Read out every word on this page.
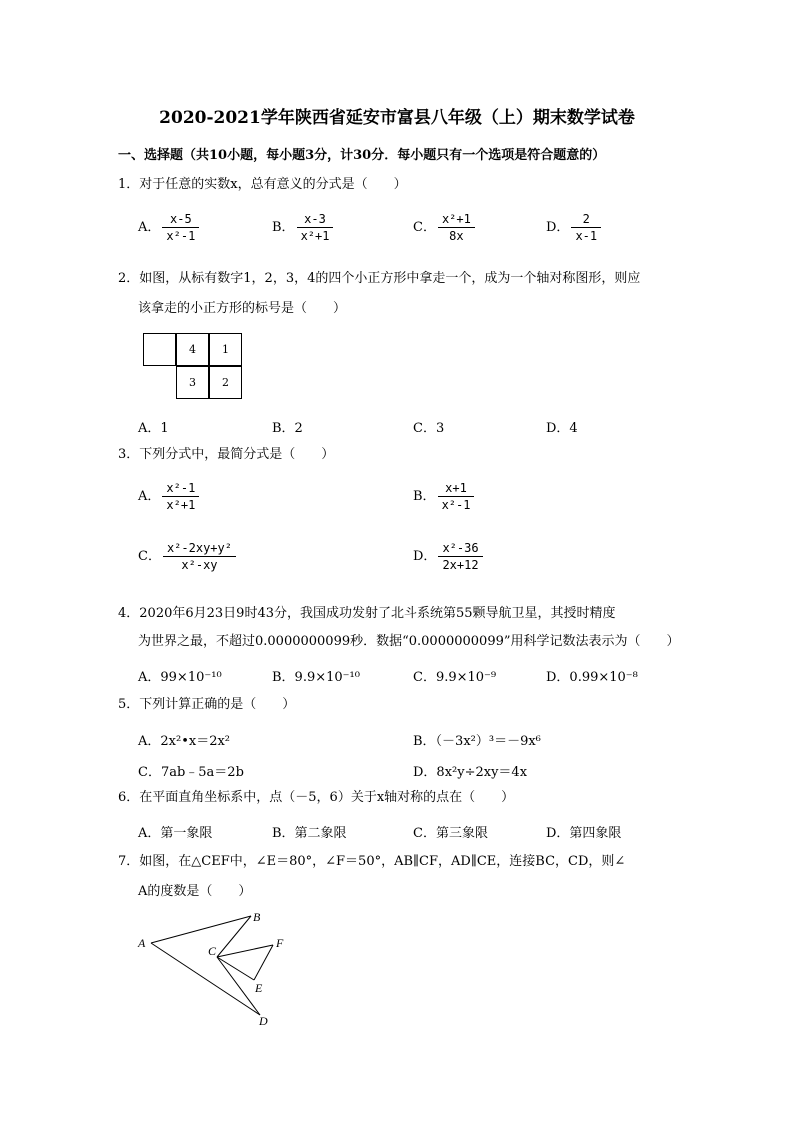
2020-2021学年陕西省延安市富县八年级（上）期末数学试卷
一、选择题（共10小题，每小题3分，计30分．每小题只有一个选项是符合题意的）
1．对于任意的实数x，总有意义的分式是（　　）
A． $\frac{x-5}{\text{x²-1}}$	B． $\frac{x-3}{\text{x²+1}}$	C． $\frac{\text{x²+1}}{8x}$	D． $\frac{2}{x-1}$
2．如图，从标有数字1，2，3，4的四个小正方形中拿走一个，成为一个轴对称图形，则应
该拿走的小正方形的标号是（　　）
4	1
3	2
A．1	B．2	C．3	D．4
3．下列分式中，最简分式是（　　）
A． $\frac{\text{x²-1}}{\text{x²+1}}$	B． $\frac{x+1}{\text{x²-1}}$
C． $\frac{\text{x²-2xy+y²}}{\text{x²-xy}}$	D． $\frac{\text{x²-36}}{2x+12}$
4．2020年6月23日9时43分，我国成功发射了北斗系统第55颗导航卫星，其授时精度
为世界之最，不超过0.0000000099秒．数据“0.0000000099”用科学记数法表示为（　　）
A．99×10⁻¹⁰	B．9.9×10⁻¹⁰	C．9.9×10⁻⁹	D．0.99×10⁻⁸
5．下列计算正确的是（　　）
A．2x²•x＝2x²	B．（－3x²）³＝－9x⁶
C．7ab﹣5a＝2b	D．8x²y÷2xy＝4x
6．在平面直角坐标系中，点（－5，6）关于x轴对称的点在（　　）
A．第一象限	B．第二象限	C．第三象限	D．第四象限
7．如图，在△CEF中，∠E＝80°，∠F＝50°，AB∥CF，AD∥CE，连接BC，CD，则∠
A的度数是（　　）
A
B
C
F
E
D
